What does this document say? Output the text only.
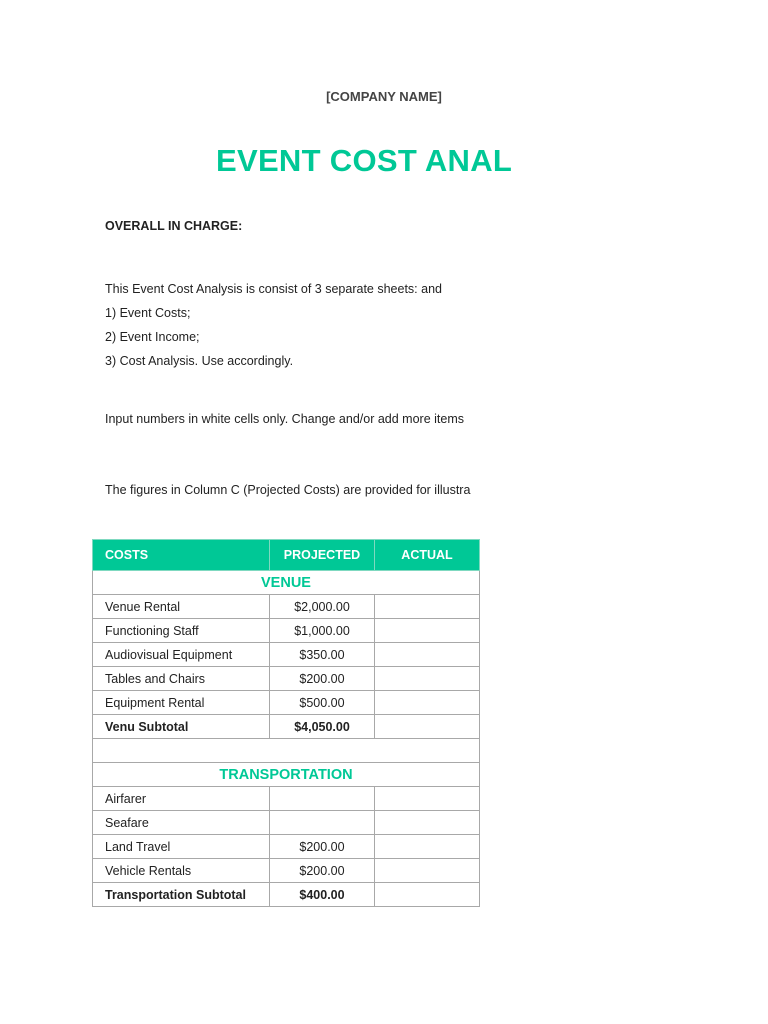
[COMPANY NAME]
EVENT COST ANAL
OVERALL IN CHARGE:
This Event Cost Analysis is consist of 3 separate sheets: and
1) Event Costs;
2) Event Income;
3) Cost Analysis. Use accordingly.
Input numbers in white cells only. Change and/or add more items
The figures in Column C (Projected Costs) are provided for illustra
COSTS	PROJECTED	ACTUAL
VENUE		
Venue Rental	$2,000.00	
Functioning Staff	$1,000.00	
Audiovisual Equipment	$350.00	
Tables and Chairs	$200.00	
Equipment Rental	$500.00	
Venu Subtotal	$4,050.00	

TRANSPORTATION		
Airfarer		
Seafare		
Land Travel	$200.00	
Vehicle Rentals	$200.00	
Transportation Subtotal	$400.00	
